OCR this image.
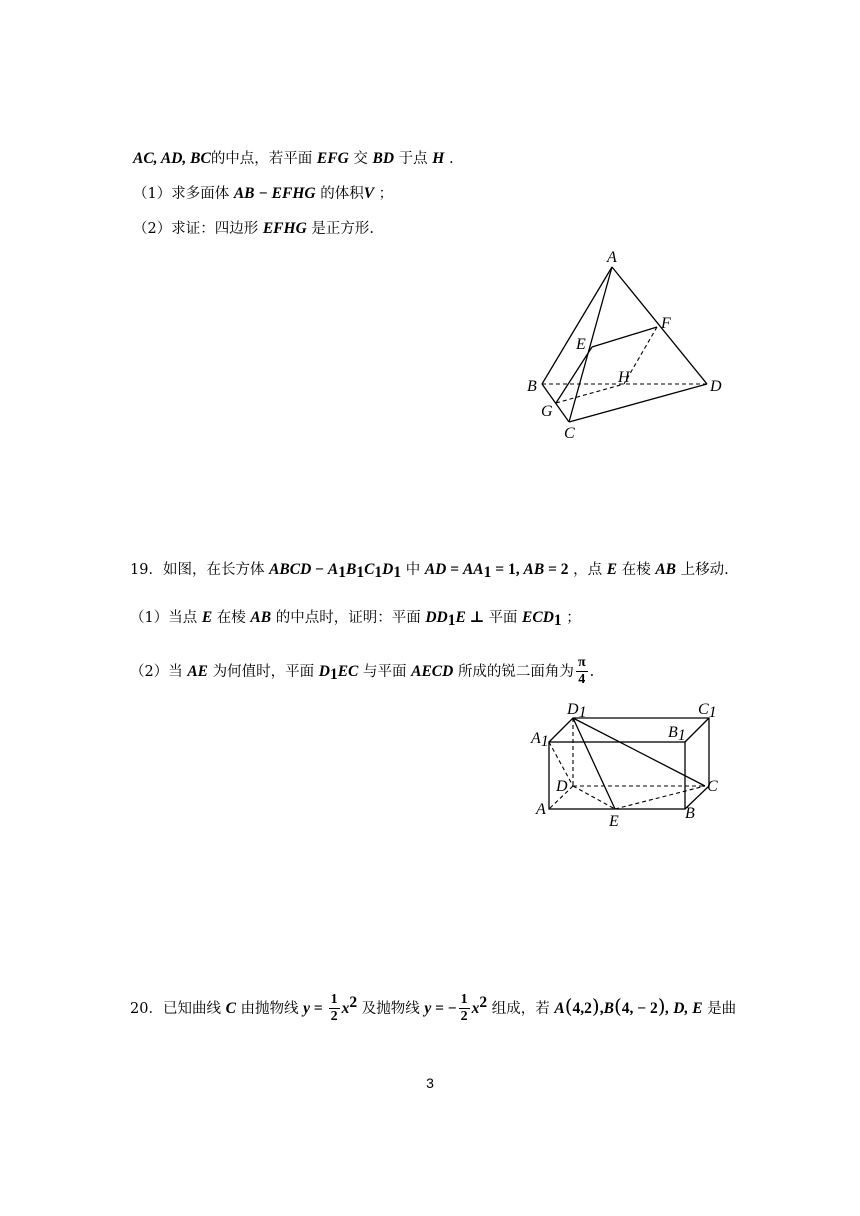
AC, AD, BC的中点，若平面 EFG 交 BD 于点 H .
（1）求多面体 AB − EFHG 的体积V ；
（2）求证：四边形 EFHG 是正方形.
A
F
E
H
B	D
G
C
19．如图，在长方体 ABCD − $A_1B_1C_1D_1$ 中 AD = $AA_1 = 1$, AB = 2 ，点 E 在棱 AB 上移动.
（1）当点 E 在棱 AB 的中点时，证明：平面 $DD_1E$ ⊥ 平面 $ECD_1$ ；
（2）当 AE 为何值时，平面 $D_1EC$ 与平面 AECD 所成的锐二面角为 $\frac{\pi}{4}$ .
D1	C1
B1
A1
D	C
A	B
E
20．已知曲线 C 由抛物线 $y = \frac{1}{2} x^2$ 及抛物线 y = − $\frac{1}{2} x^2$ 组成，若 A(4,2),B(4, − 2), D, E 是曲
3
